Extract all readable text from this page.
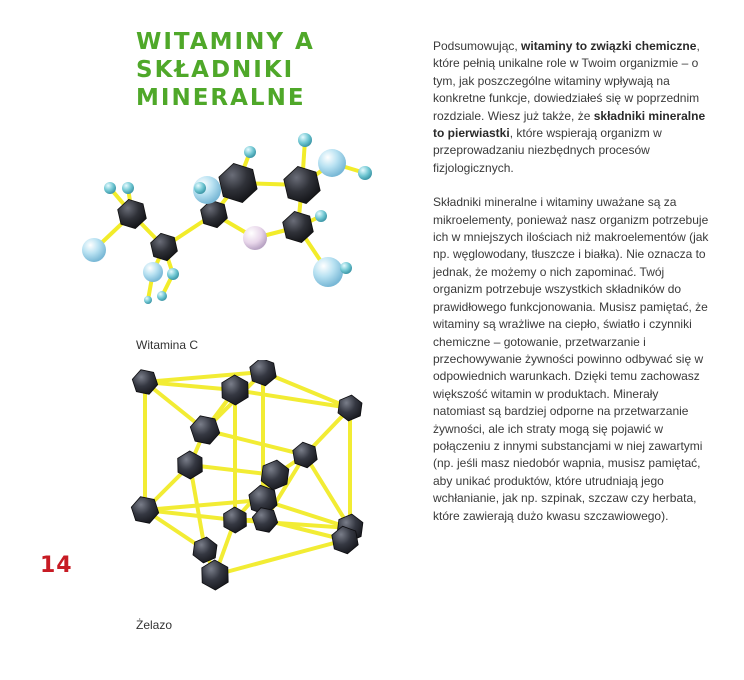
WITAMINY A SKŁADNIKI
MINERALNE
Witamina C
Żelazo
14

Podsumowując, witaminy to związki chemiczne, które pełnią unikalne role w Twoim organizmie – o tym, jak poszczególne witaminy wpływają na konkretne funkcje, dowiedziałeś się w poprzednim rozdziale. Wiesz już także, że składniki mineralne to pierwiastki, które wspierają organizm w przeprowadzaniu niezbędnych procesów fizjologicznych.

Składniki mineralne i witaminy uważane są za mikroelementy, ponieważ nasz organizm potrzebuje ich w mniejszych ilościach niż makroelementów (jak np. węglowodany, tłuszcze i białka). Nie oznacza to jednak, że możemy o nich zapominać. Twój organizm potrzebuje wszystkich składników do prawidłowego funkcjonowania. Musisz pamiętać, że witaminy są wrażliwe na ciepło, światło i czynniki chemiczne – gotowanie, przetwarzanie i przechowywanie żywności powinno odbywać się w odpowiednich warunkach. Dzięki temu zachowasz większość witamin w produktach. Minerały natomiast są bardziej odporne na przetwarzanie żywności, ale ich straty mogą się pojawić w połączeniu z innymi substancjami w niej zawartymi (np. jeśli masz niedobór wapnia, musisz pamiętać, aby unikać produktów, które utrudniają jego wchłanianie, jak np. szpinak, szczaw czy herbata, które zawierają dużo kwasu szczawiowego).
